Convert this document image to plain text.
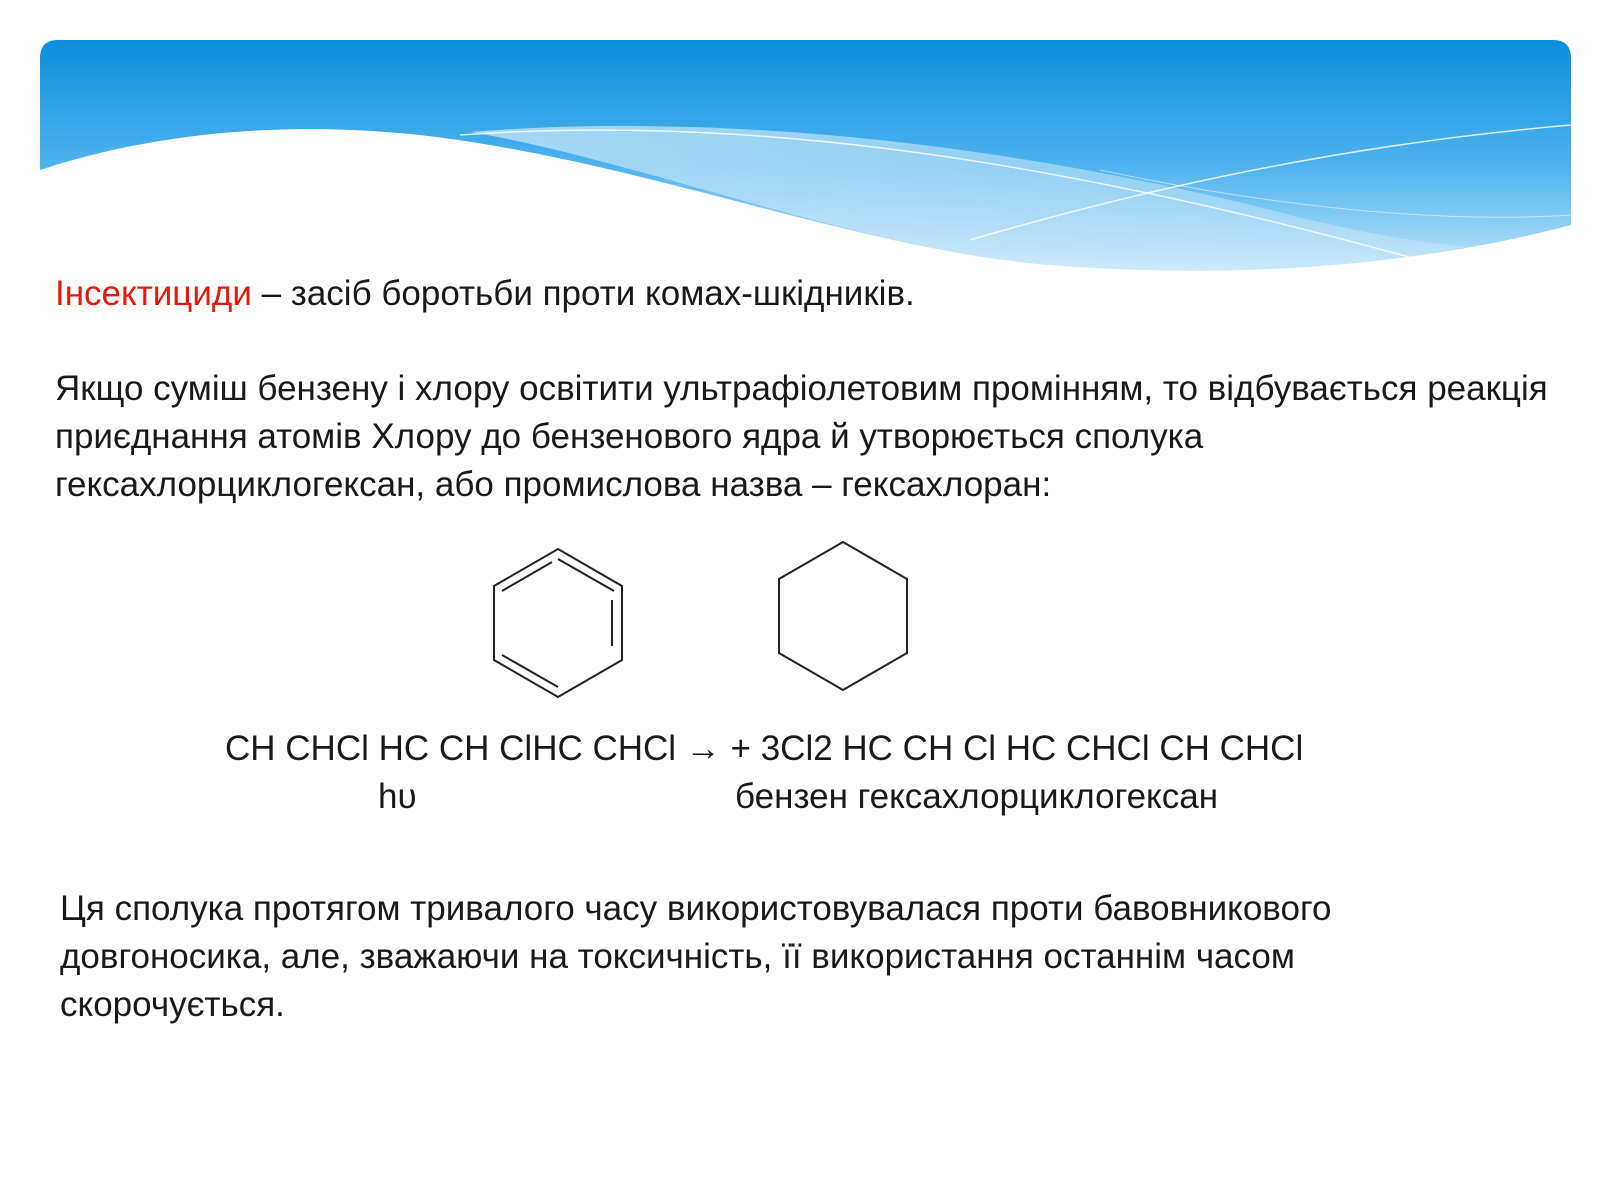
Інсектициди – засіб боротьби проти комах-шкідників.
Якщо суміш бензену і хлору освітити ультрафіолетовим промінням, то відбувається реакція приєднання атомів Хлору до бензенового ядра й утворюється сполука гексахлорциклогексан, або промислова назва – гексахлоран:
CH CHCl HC CH ClHC CHCl → + 3Cl2 HC CH Cl HC CHCl CH CHCl
hυ	бензен гексахлорциклогексан
Ця сполука протягом тривалого часу використовувалася проти бавовникового довгоносика, але, зважаючи на токсичність, її використання останнім часом скорочується.
